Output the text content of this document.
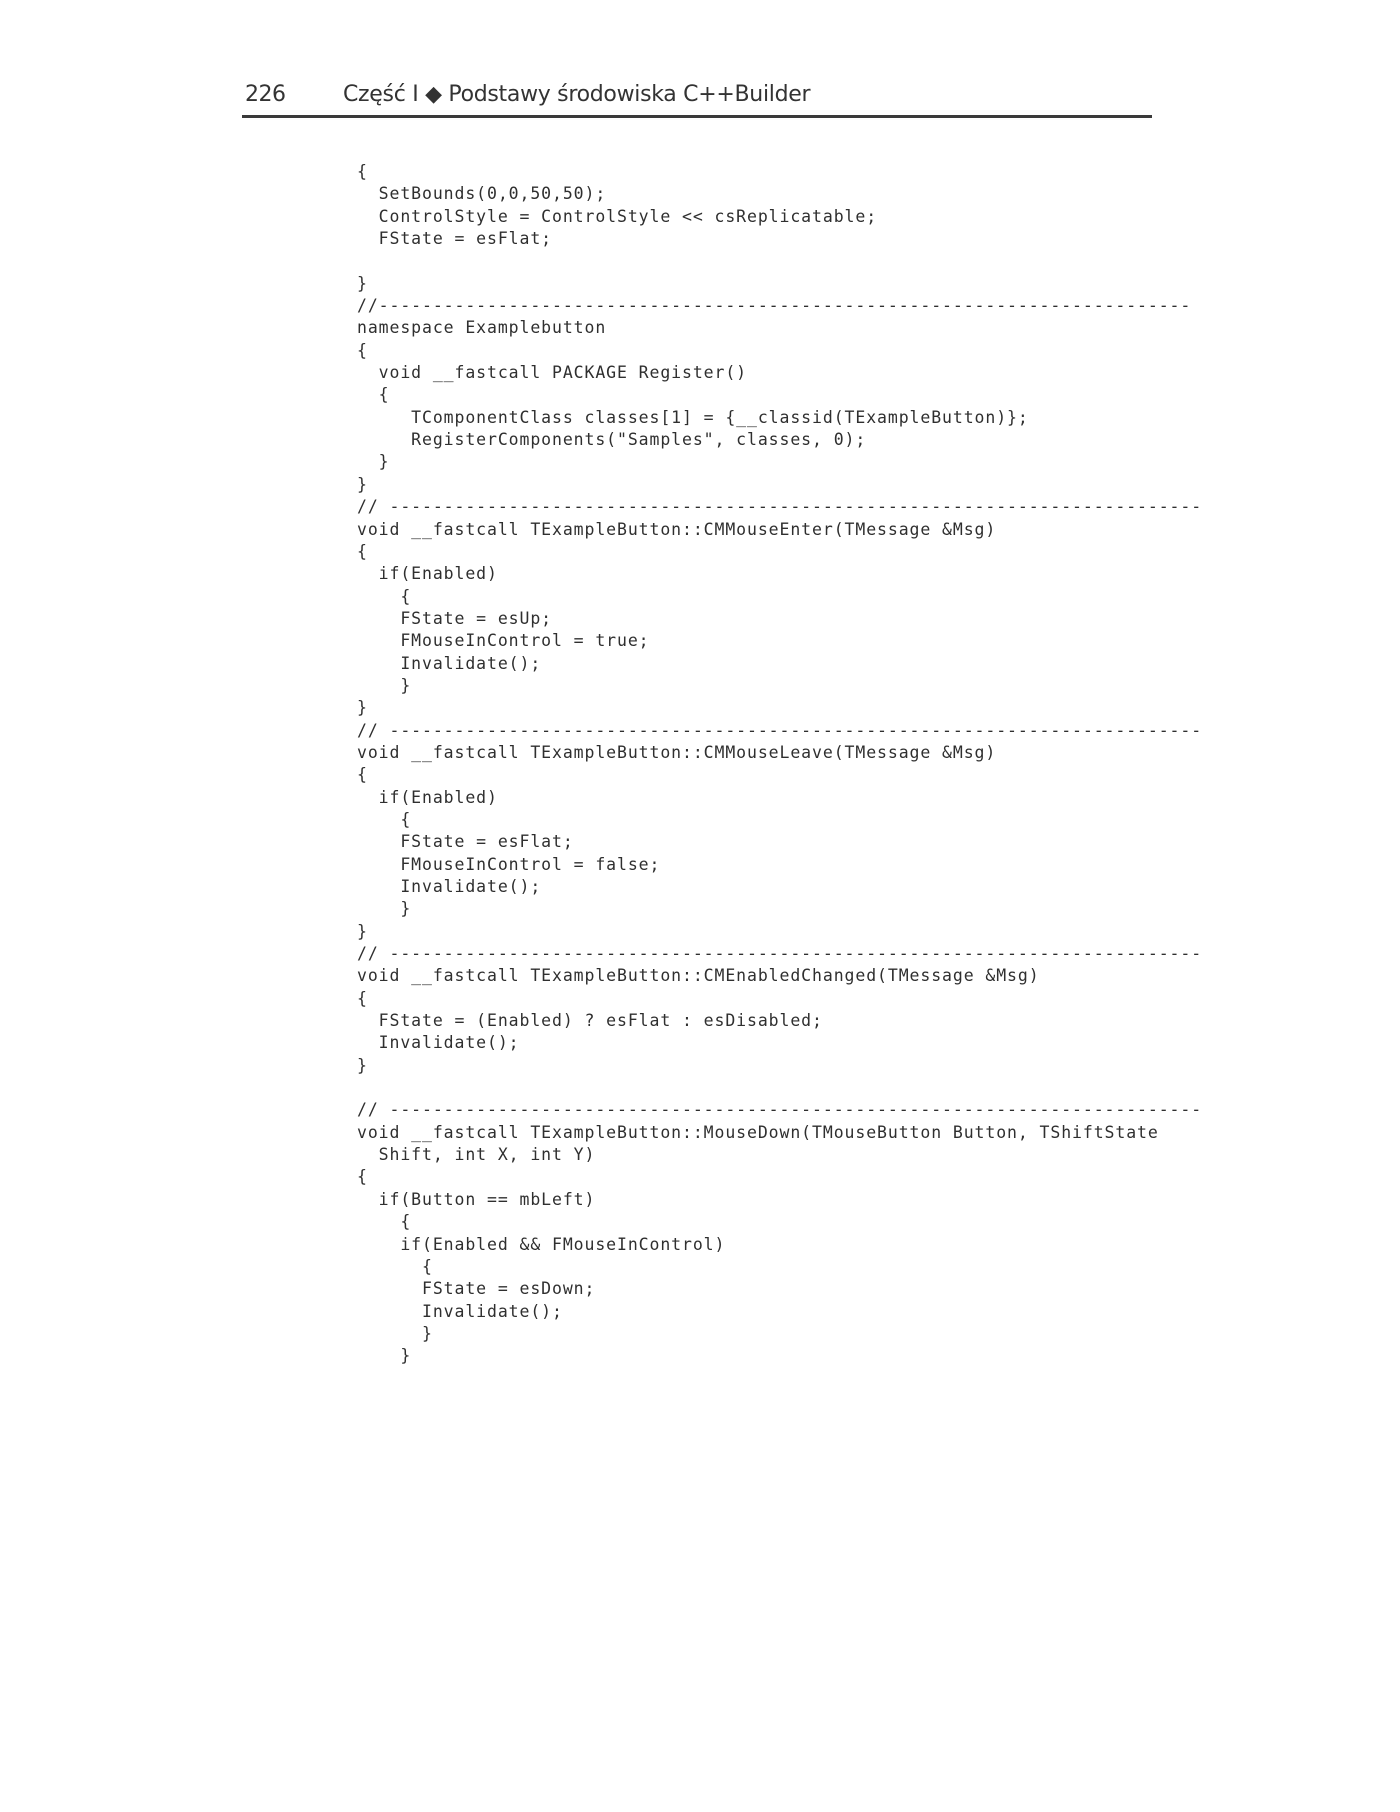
226	Część I ◆ Podstawy środowiska C++Builder
{
SetBounds(0,0,50,50);
ControlStyle = ControlStyle << csReplicatable;
FState = esFlat;
}
//---------------------------------------------------------------------------
namespace Examplebutton
{
void __fastcall PACKAGE Register()
{
TComponentClass classes[1] = {__classid(TExampleButton)};
RegisterComponents("Samples", classes, 0);
}
}
// ---------------------------------------------------------------------------
void __fastcall TExampleButton::CMMouseEnter(TMessage &Msg)
{
if(Enabled)
{
FState = esUp;
FMouseInControl = true;
Invalidate();
}
}
// ---------------------------------------------------------------------------
void __fastcall TExampleButton::CMMouseLeave(TMessage &Msg)
{
if(Enabled)
{
FState = esFlat;
FMouseInControl = false;
Invalidate();
}
}
// ---------------------------------------------------------------------------
void __fastcall TExampleButton::CMEnabledChanged(TMessage &Msg)
{
FState = (Enabled) ? esFlat : esDisabled;
Invalidate();
}
// ---------------------------------------------------------------------------
void __fastcall TExampleButton::MouseDown(TMouseButton Button, TShiftState
Shift, int X, int Y)
{
if(Button == mbLeft)
{
if(Enabled && FMouseInControl)
{
FState = esDown;
Invalidate();
}
}
